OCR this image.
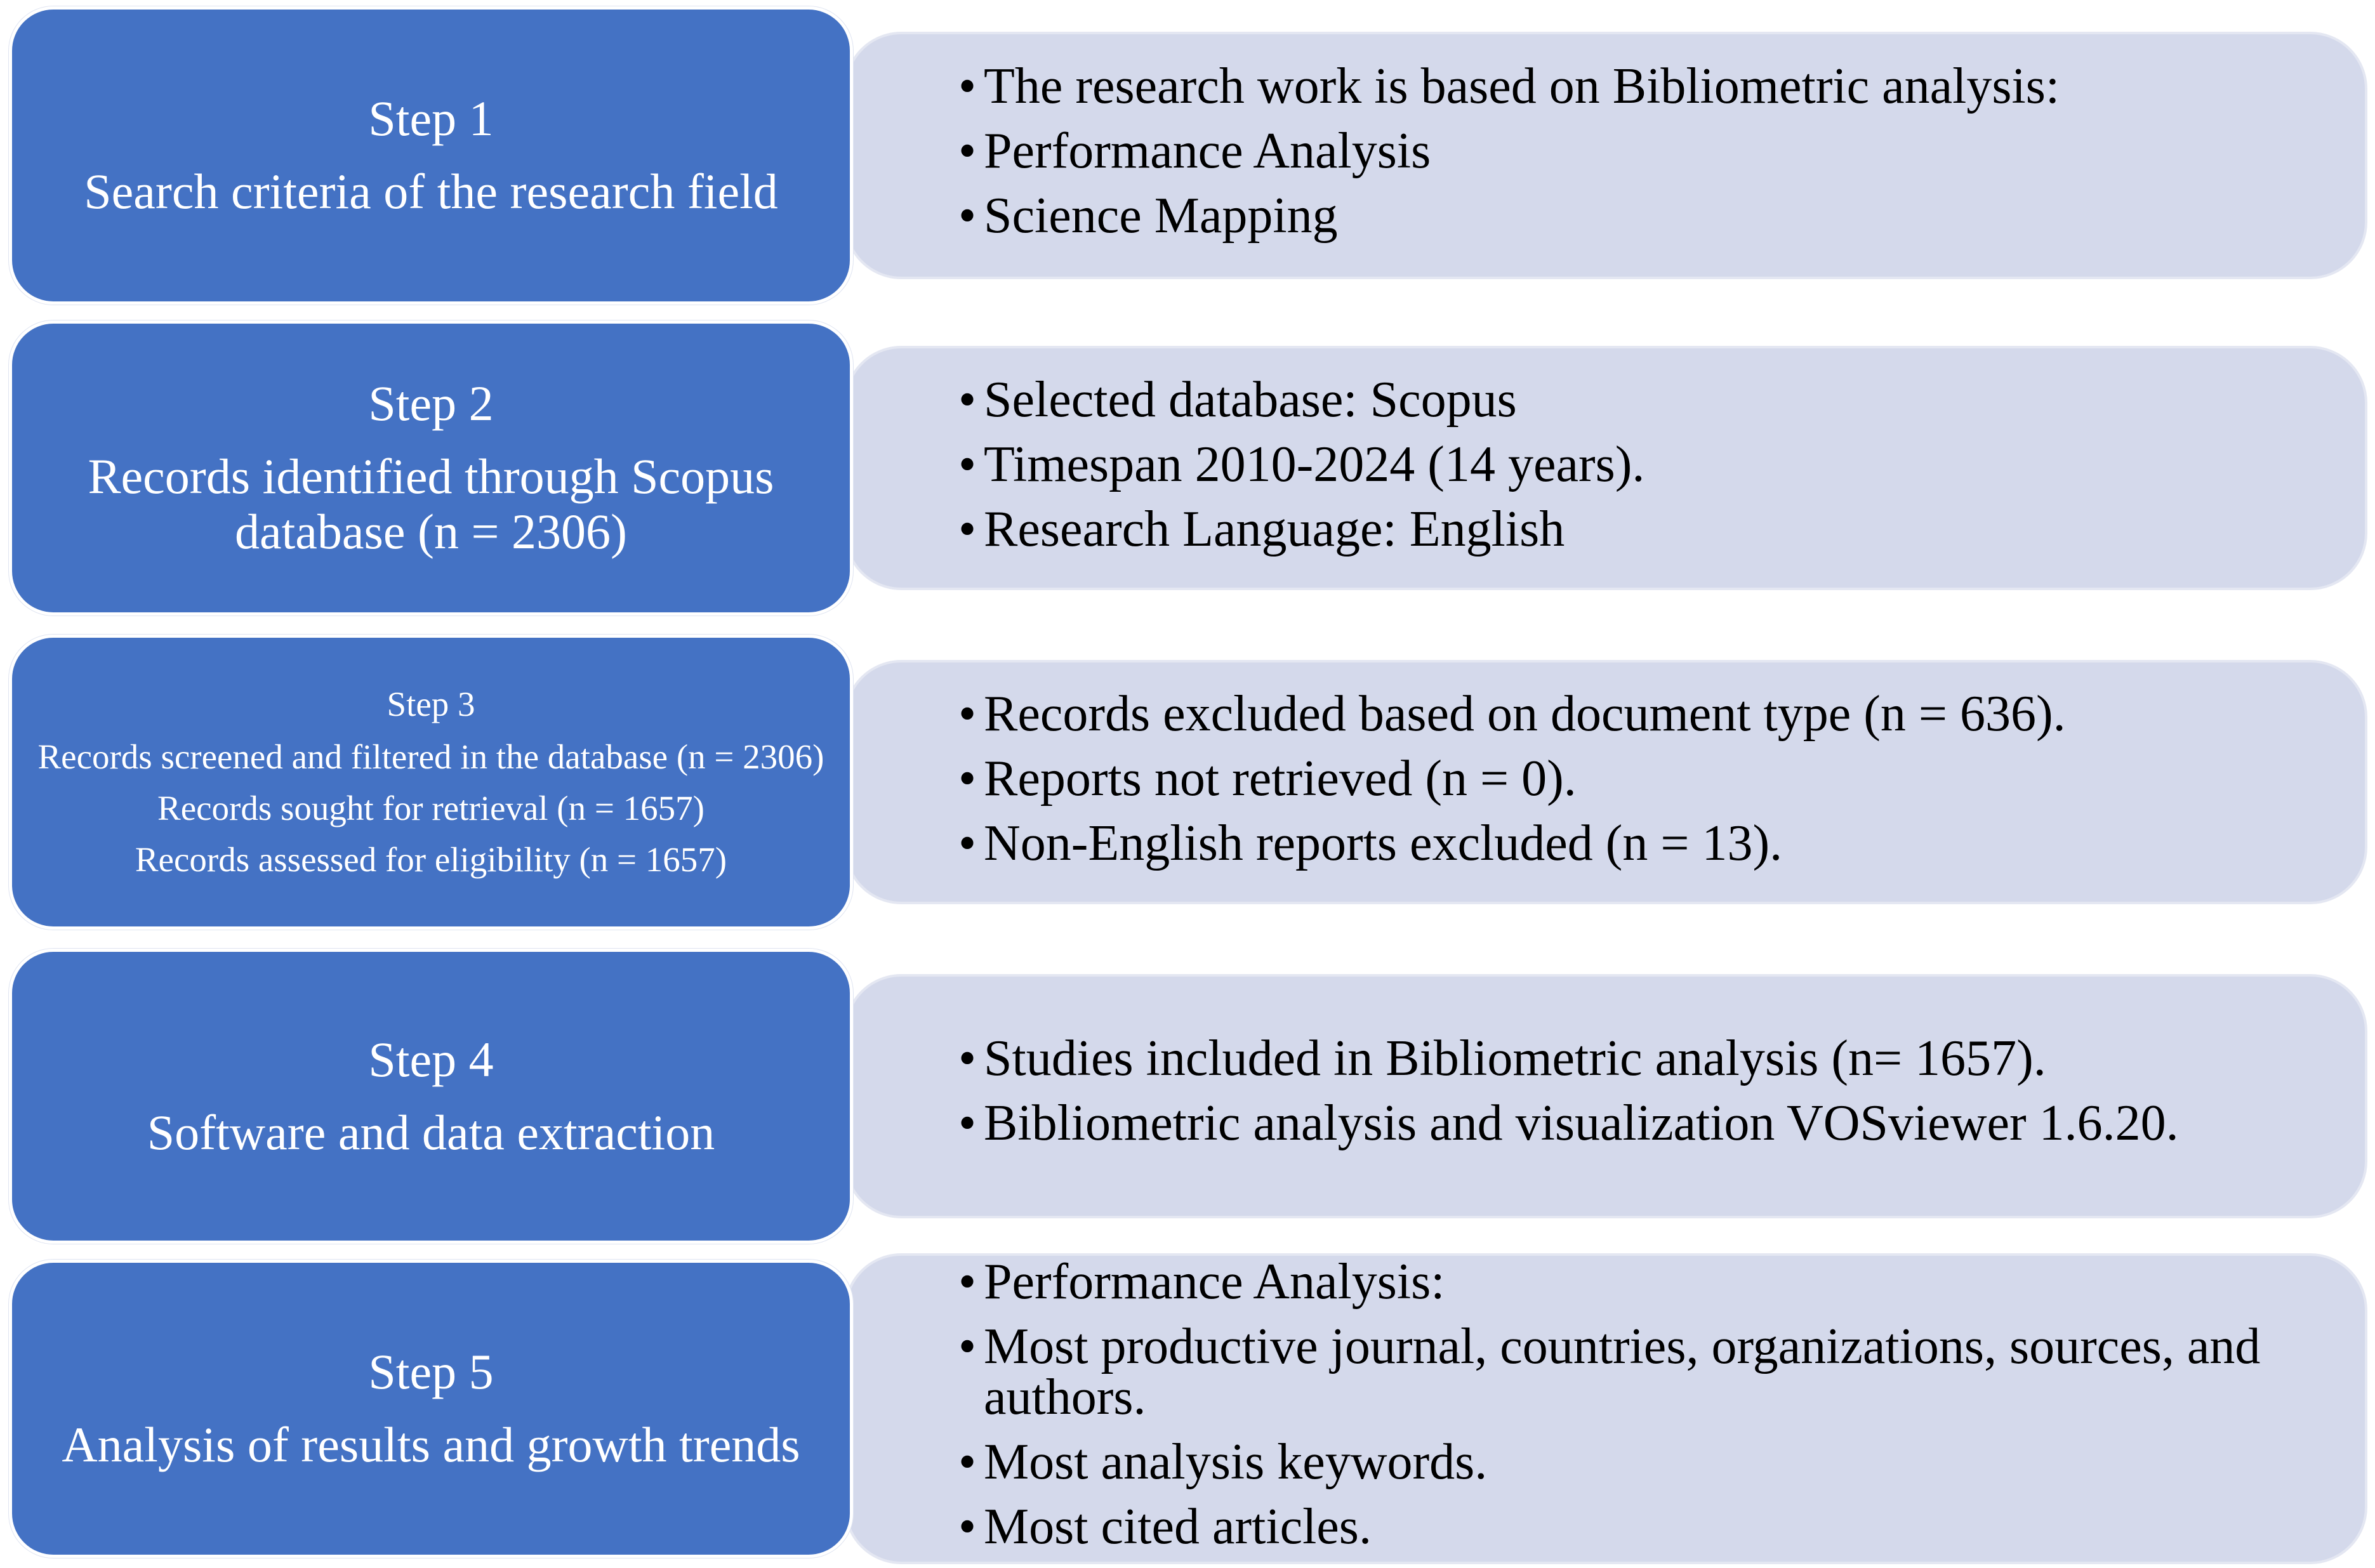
Step 1
Search criteria of the research field
• The research work is based on Bibliometric analysis:
• Performance Analysis
• Science Mapping
Step 2
Records identified through Scopus database (n = 2306)
• Selected database: Scopus
• Timespan 2010-2024 (14 years).
• Research Language: English
Step 3
Records screened and filtered in the database (n = 2306)
Records sought for retrieval (n = 1657)
Records assessed for eligibility (n = 1657)
• Records excluded based on document type (n = 636).
• Reports not retrieved (n = 0).
• Non-English reports excluded (n = 13).
Step 4
Software and data extraction
• Studies included in Bibliometric analysis (n= 1657).
• Bibliometric analysis and visualization VOSviewer 1.6.20.
Step 5
Analysis of results and growth trends
• Performance Analysis:
• Most productive journal, countries, organizations, sources, and authors.
• Most analysis keywords.
• Most cited articles.
